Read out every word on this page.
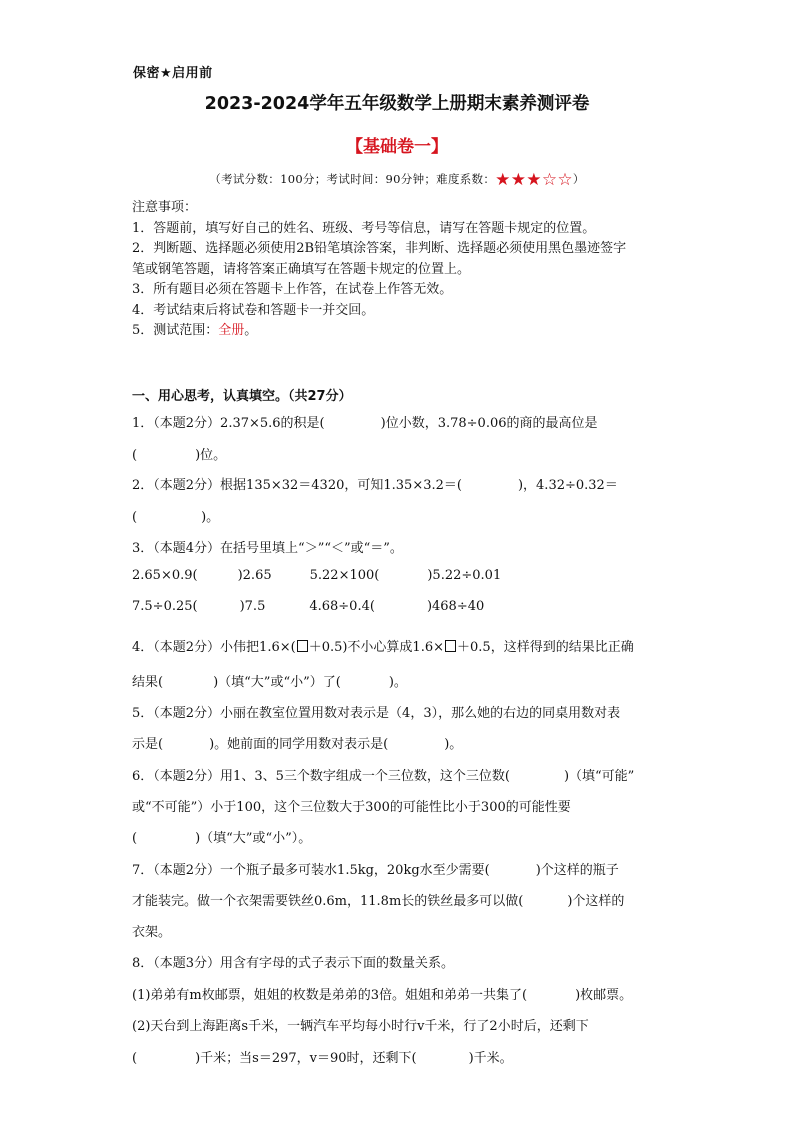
保密★启用前
2023-2024学年五年级数学上册期末素养测评卷
【基础卷一】
（考试分数：100分；考试时间：90分钟；难度系数：★★★☆☆）
注意事项：
1．答题前，填写好自己的姓名、班级、考号等信息，请写在答题卡规定的位置。
2．判断题、选择题必须使用2B铅笔填涂答案，非判断、选择题必须使用黑色墨迹签字
笔或钢笔答题，请将答案正确填写在答题卡规定的位置上。
3．所有题目必须在答题卡上作答，在试卷上作答无效。
4．考试结束后将试卷和答题卡一并交回。
5．测试范围：全册。
一、用心思考，认真填空。（共27分）
1．（本题2分）2.37×5.6的积是(	)位小数，3.78÷0.06的商的最高位是
(	)位。
2．（本题2分）根据135×32＝4320，可知1.35×3.2＝(	)，4.32÷0.32＝
(	)。
3．（本题4分）在括号里填上“＞”“＜”或“＝”。
2.65×0.9(	)2.65	5.22×100(	)5.22÷0.01
7.5÷0.25(	)7.5	4.68÷0.4(	)468÷40
4．（本题2分）小伟把1.6×( ＋0.5)不小心算成1.6× ＋0.5，这样得到的结果比正确
结果(	)（填“大”或“小”）了(	)。
5．（本题2分）小丽在教室位置用数对表示是（4，3），那么她的右边的同桌用数对表
示是(	)。她前面的同学用数对表示是(	)。
6．（本题2分）用1、3、5三个数字组成一个三位数，这个三位数(	)（填“可能”
或“不可能”）小于100，这个三位数大于300的可能性比小于300的可能性要
(	)（填“大”或“小”）。
7．（本题2分）一个瓶子最多可装水1.5kg，20kg水至少需要(	)个这样的瓶子
才能装完。做一个衣架需要铁丝0.6m，11.8m长的铁丝最多可以做(	)个这样的
衣架。
8．（本题3分）用含有字母的式子表示下面的数量关系。
(1)弟弟有m枚邮票，姐姐的枚数是弟弟的3倍。姐姐和弟弟一共集了(	)枚邮票。
(2)天台到上海距离s千米，一辆汽车平均每小时行v千米，行了2小时后，还剩下
(	)千米；当s＝297，v＝90时，还剩下(	)千米。
